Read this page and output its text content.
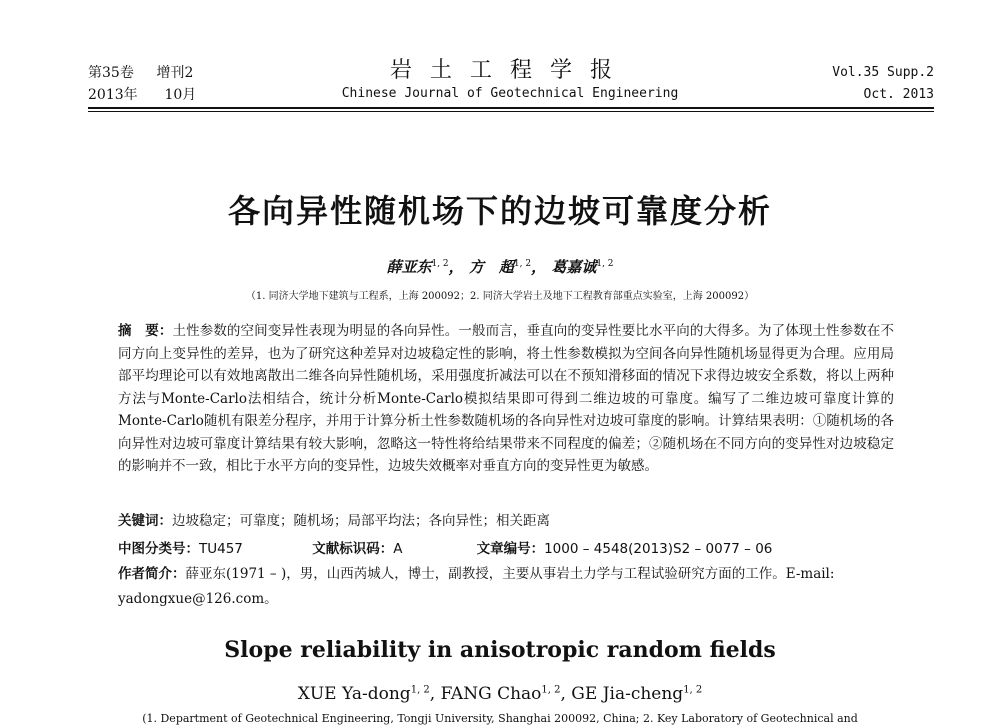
第35卷 增刊2
2013年 10月
岩土工程学报
Chinese Journal of Geotechnical Engineering
Vol.35 Supp.2
Oct. 2013
各向异性随机场下的边坡可靠度分析
薛亚东$^{1, 2}$， 方　超$^{1, 2}$， 葛嘉诚$^{1, 2}$
（1. 同济大学地下建筑与工程系，上海 200092；2. 同济大学岩土及地下工程教育部重点实验室，上海 200092）
摘　要：土性参数的空间变异性表现为明显的各向异性。一般而言，垂直向的变异性要比水平向的大得多。为了体现土性参数在不同方向上变异性的差异，也为了研究这种差异对边坡稳定性的影响，将土性参数模拟为空间各向异性随机场显得更为合理。应用局部平均理论可以有效地离散出二维各向异性随机场，采用强度折减法可以在不预知滑移面的情况下求得边坡安全系数，将以上两种方法与Monte-Carlo法相结合，统计分析Monte-Carlo模拟结果即可得到二维边坡的可靠度。编写了二维边坡可靠度计算的Monte-Carlo随机有限差分程序，并用于计算分析土性参数随机场的各向异性对边坡可靠度的影响。计算结果表明：①随机场的各向异性对边坡可靠度计算结果有较大影响，忽略这一特性将给结果带来不同程度的偏差；②随机场在不同方向的变异性对边坡稳定的影响并不一致，相比于水平方向的变异性，边坡失效概率对垂直方向的变异性更为敏感。
关键词：边坡稳定；可靠度；随机场；局部平均法；各向异性；相关距离
中图分类号：TU457	文献标识码：A	文章编号：1000 – 4548(2013)S2 – 0077 – 06
作者简介：薛亚东(1971 – )，男，山西芮城人，博士，副教授，主要从事岩土力学与工程试验研究方面的工作。E-mail: yadongxue@126.com。
Slope reliability in anisotropic random fields
XUE Ya-dong$^{1, 2}$, FANG Chao$^{1, 2}$, GE Jia-cheng$^{1, 2}$
(1. Department of Geotechnical Engineering, Tongji University, Shanghai 200092, China; 2. Key Laboratory of Geotechnical and
